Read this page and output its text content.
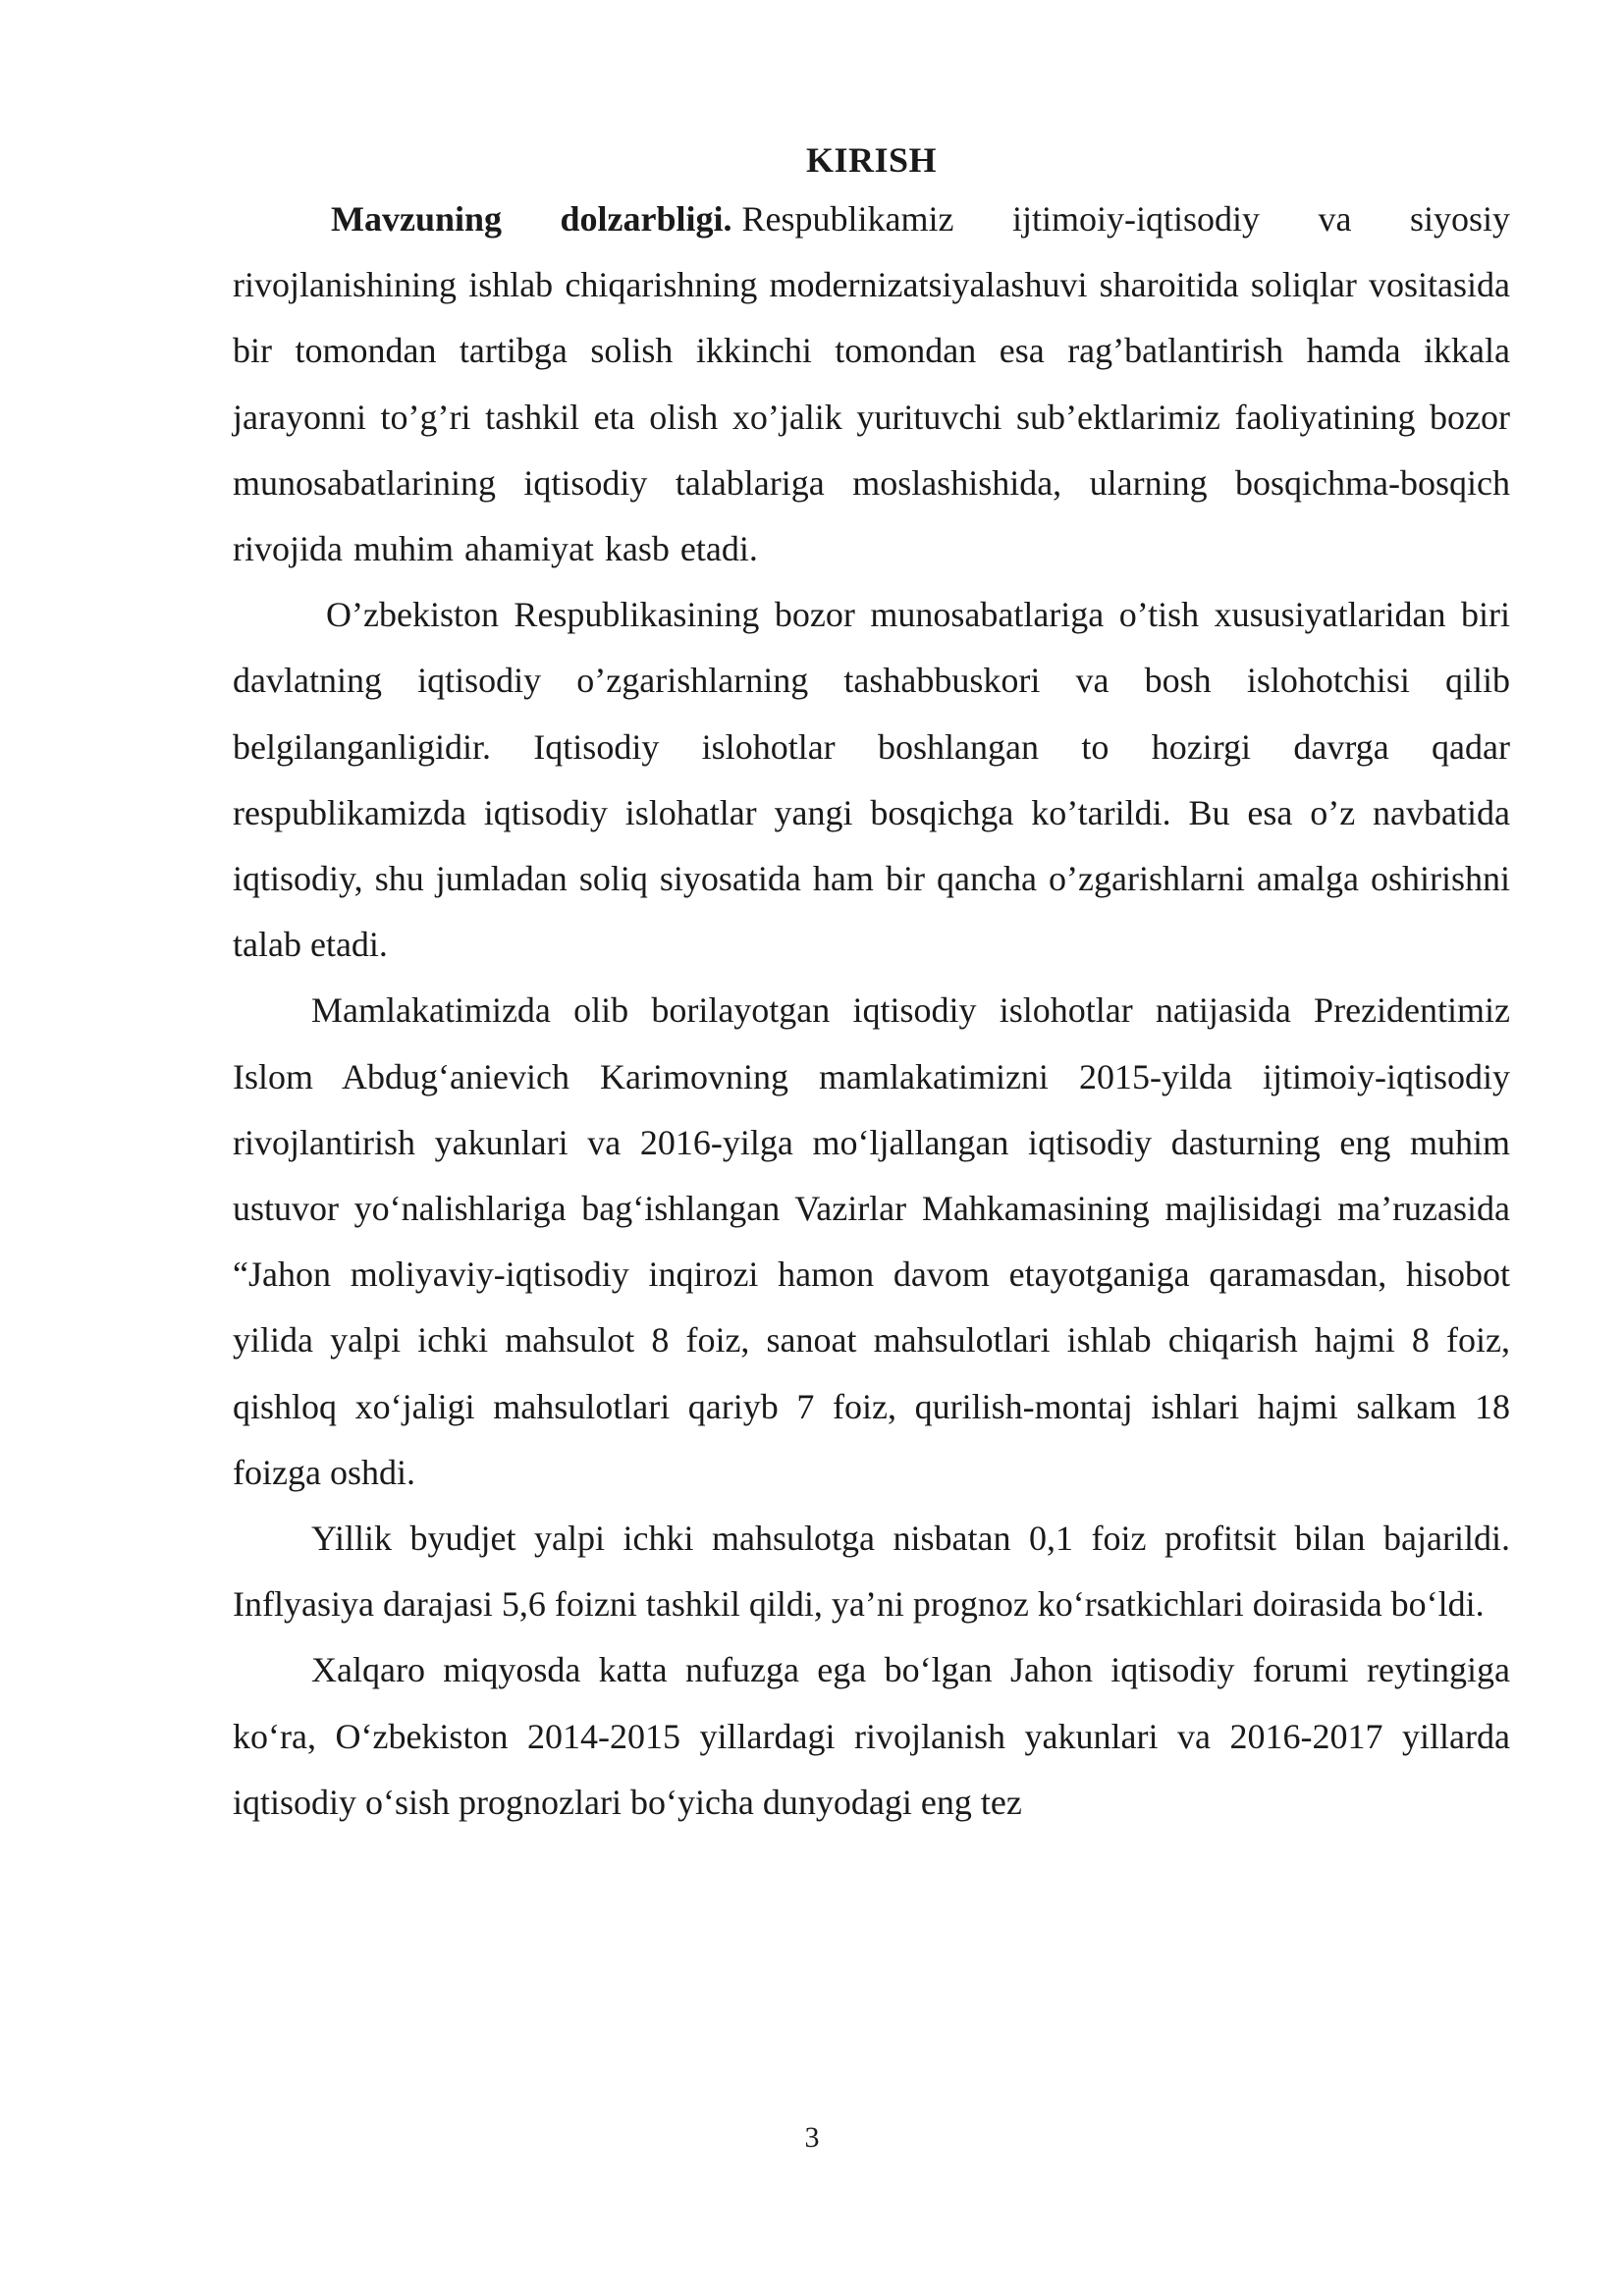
KIRISH

Mavzuning dolzarbligi. Respublikamiz ijtimoiy-iqtisodiy va siyosiy rivojlanishining ishlab chiqarishning modernizatsiyalashuvi sharoitida soliqlar vositasida bir tomondan tartibga solish ikkinchi tomondan esa rag’batlantirish hamda ikkala jarayonni to’g’ri tashkil eta olish xo’jalik yurituvchi sub’ektlarimiz faoliyatining bozor munosabatlarining iqtisodiy talablariga moslashishida, ularning bosqichma-bosqich rivojida muhim ahamiyat kasb etadi.

O’zbekiston Respublikasining bozor munosabatlariga o’tish xususiyatlaridan biri davlatning iqtisodiy o’zgarishlarning tashabbuskori va bosh islohotchisi qilib belgilanganligidir. Iqtisodiy islohotlar boshlangan to hozirgi davrga qadar respublikamizda iqtisodiy islohatlar yangi bosqichga ko’tarildi. Bu esa o’z navbatida iqtisodiy, shu jumladan soliq siyosatida ham bir qancha o’zgarishlarni amalga oshirishni talab etadi.

Mamlakatimizda olib borilayotgan iqtisodiy islohotlar natijasida Prezidentimiz Islom Abdug‘anievich Karimovning mamlakatimizni 2015-yilda ijtimoiy-iqtisodiy rivojlantirish yakunlari va 2016-yilga mo‘ljallangan iqtisodiy dasturning eng muhim ustuvor yo‘nalishlariga bag‘ishlangan Vazirlar Mahkamasining majlisidagi ma’ruzasida “Jahon moliyaviy-iqtisodiy inqirozi hamon davom etayotganiga qaramasdan, hisobot yilida yalpi ichki mahsulot 8 foiz, sanoat mahsulotlari ishlab chiqarish hajmi 8 foiz, qishloq xo‘jaligi mahsulotlari qariyb 7 foiz, qurilish-montaj ishlari hajmi salkam 18 foizga oshdi.

Yillik byudjet yalpi ichki mahsulotga nisbatan 0,1 foiz profitsit bilan bajarildi. Inflyasiya darajasi 5,6 foizni tashkil qildi, ya’ni prognoz ko‘rsatkichlari doirasida bo‘ldi.

Xalqaro miqyosda katta nufuzga ega bo‘lgan Jahon iqtisodiy forumi reytingiga ko‘ra, O‘zbekiston 2014-2015 yillardagi rivojlanish yakunlari va 2016-2017 yillarda iqtisodiy o‘sish prognozlari bo‘yicha dunyodagi eng tez

3
